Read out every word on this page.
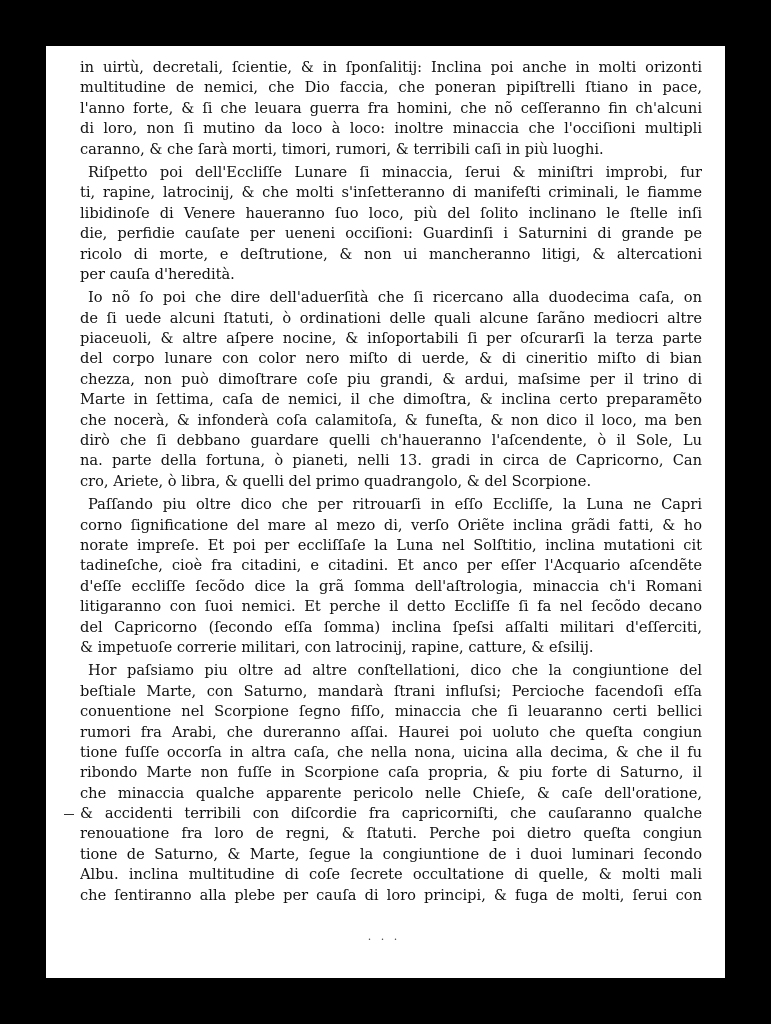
in uirtù, decretali, ſcientie, & in ſponſalitij: Inclina poi anche in molti orizonti
multitudine de nemici, che Dio faccia, che poneran pipiſtrelli ſtiano in pace,
l'anno forte, & ſi che leuara guerra fra homini, che nõ ceſſeranno fin ch'alcuni
di loro, non ſi mutino da loco à loco: inoltre minaccia che l'occiſioni multipli
caranno, & che ſarà morti, timori, rumori, & terribili caſi in più luoghi.
Riſpetto poi dell'Eccliſſe Lunare ſi minaccia, ſerui & miniſtri improbi, fur
ti, rapine, latrocinij, & che molti s'inſetteranno di manifeſti criminali, le fiamme
libidinoſe di Venere haueranno ſuo loco, più del ſolito inclinano le ſtelle inſi
die, perfidie cauſate per ueneni occiſioni: Guardinſi i Saturnini di grande pe
ricolo di morte, e deſtrutione, & non ui mancheranno litigi, & altercationi
per cauſa d'heredità.
Io nõ ſo poi che dire dell'aduerſità che ſi ricercano alla duodecima caſa, on
de ſi uede alcuni ſtatuti, ò ordinationi delle quali alcune ſarãno mediocri altre
piaceuoli, & altre aſpere nocine, & inſoportabili ſi per oſcurarſi la terza parte
del corpo lunare con color nero miſto di uerde, & di cineritio miſto di bian
chezza, non può dimoſtrare coſe piu grandi, & ardui, maſsime per il trino di
Marte in ſettima, caſa de nemici, il che dimoſtra, & inclina certo preparamẽto
che nocerà, & infonderà coſa calamitoſa, & funeſta, & non dico il loco, ma ben
dirò che ſi debbano guardare quelli ch'haueranno l'aſcendente, ò il Sole, Lu
na. parte della fortuna, ò pianeti, nelli 13. gradi in circa de Capricorno, Can
cro, Ariete, ò libra, & quelli del primo quadrangolo, & del Scorpione.
Paſſando piu oltre dico che per ritrouarſi in eſſo Eccliſſe, la Luna ne Capri
corno ſignificatione del mare al mezo di, verſo Oriẽte inclina grãdi fatti, & ho
norate impreſe. Et poi per eccliſſaſe la Luna nel Solſtitio, inclina mutationi cit
tadineſche, cioè fra citadini, e citadini. Et anco per eſſer l'Acquario aſcendẽte
d'eſſe eccliſſe ſecõdo dice la grã ſomma dell'aſtrologia, minaccia ch'i Romani
litigaranno con ſuoi nemici. Et perche il detto Eccliſſe ſi fa nel ſecõdo decano
del Capricorno (ſecondo eſſa ſomma) inclina ſpeſsi aſſalti militari d'eſſerciti,
& impetuoſe correrie militari, con latrocinij, rapine, catture, & eſsilij.
Hor paſsiamo piu oltre ad altre conſtellationi, dico che la congiuntione del
beſtiale Marte, con Saturno, mandarà ſtrani influſsi; Percioche facendoſi eſſa
conuentione nel Scorpione ſegno fiſſo, minaccia che ſi leuaranno certi bellici
rumori fra Arabi, che dureranno aſſai. Haurei poi uoluto che queſta congiun
tione fuſſe occorſa in altra caſa, che nella nona, uicina alla decima, & che il fu
ribondo Marte non fuſſe in Scorpione caſa propria, & piu forte di Saturno, il
che minaccia qualche apparente pericolo nelle Chieſe, & caſe dell'oratione,
& accidenti terribili con diſcordie fra capricorniſti, che cauſaranno qualche
renouatione fra loro de regni, & ſtatuti. Perche poi dietro queſta congiun
tione de Saturno, & Marte, ſegue la congiuntione de i duoi luminari ſecondo
Albu. inclina multitudine di coſe ſecrete occultatione di quelle, & molti mali
che ſentiranno alla plebe per cauſa di loro principi, & fuga de molti, ſerui con
. . .
